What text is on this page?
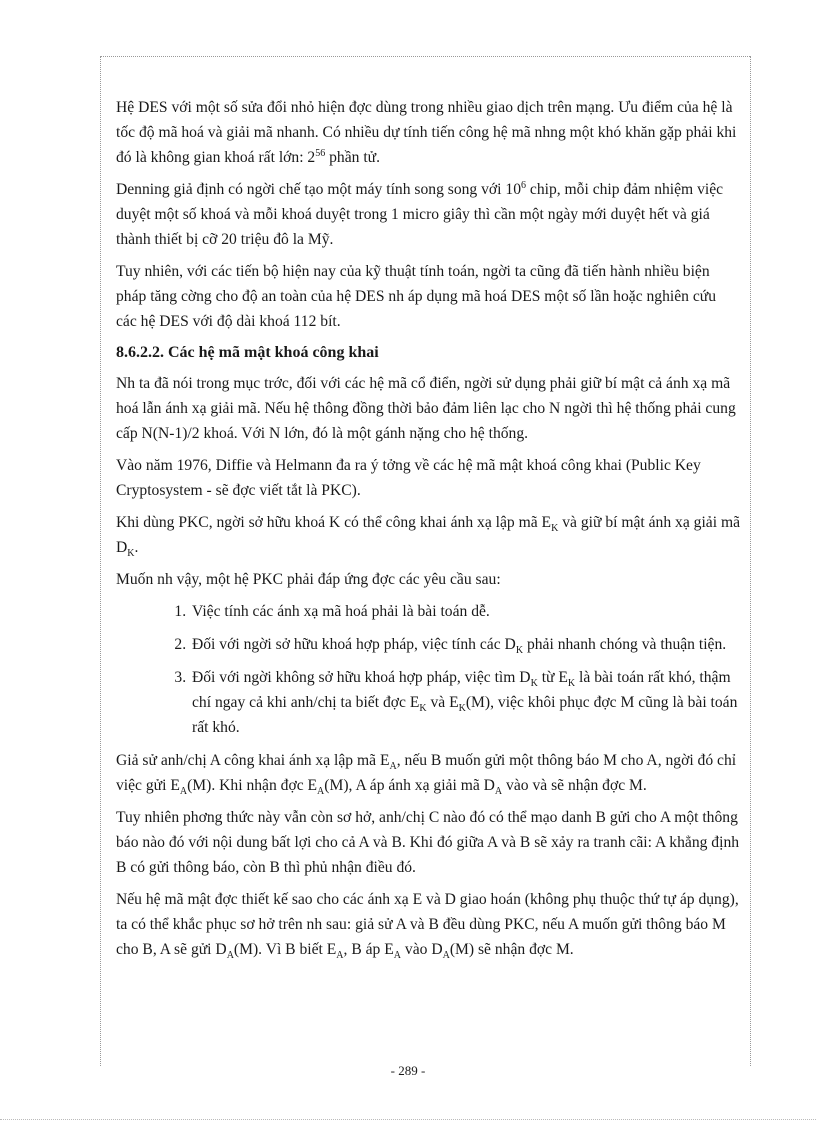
Hệ DES với một số sửa đổi nhỏ hiện đợc dùng trong nhiều giao dịch trên mạng. Ưu điểm của hệ là tốc độ mã hoá và giải mã nhanh. Có nhiều dự tính tiến công hệ mã nhng một khó khăn gặp phải khi đó là không gian khoá rất lớn: $2^{56}$ phần tử.

Denning giả định có ngời chế tạo một máy tính song song với $10^6$ chip, mỗi chip đảm nhiệm việc duyệt một số khoá và mỗi khoá duyệt trong 1 micro giây thì cần một ngày mới duyệt hết và giá thành thiết bị cỡ 20 triệu đô la Mỹ.

Tuy nhiên, với các tiến bộ hiện nay của kỹ thuật tính toán, ngời ta cũng đã tiến hành nhiều biện pháp tăng cờng cho độ an toàn của hệ DES nh áp dụng mã hoá DES một số lần hoặc nghiên cứu các hệ DES với độ dài khoá 112 bít.

8.6.2.2. Các hệ mã mật khoá công khai

Nh ta đã nói trong mục trớc, đối với các hệ mã cổ điển, ngời sử dụng phải giữ bí mật cả ánh xạ mã hoá lẫn ánh xạ giải mã. Nếu hệ thông đồng thời bảo đảm liên lạc cho N ngời thì hệ thống phải cung cấp N(N-1)/2 khoá. Với N lớn, đó là một gánh nặng cho hệ thống.

Vào năm 1976, Diffie và Helmann đa ra ý tởng về các hệ mã mật khoá công khai (Public Key Cryptosystem - sẽ đợc viết tắt là PKC).

Khi dùng PKC, ngời sở hữu khoá K có thể công khai ánh xạ lập mã $E_K$ và giữ bí mật ánh xạ giải mã $D_K$.

Muốn nh vậy, một hệ PKC phải đáp ứng đợc các yêu cầu sau:

1. Việc tính các ánh xạ mã hoá phải là bài toán dễ.
2. Đối với ngời sở hữu khoá hợp pháp, việc tính các $D_K$ phải nhanh chóng và thuận tiện.
3. Đối với ngời không sở hữu khoá hợp pháp, việc tìm $D_K$ từ $E_K$ là bài toán rất khó, thậm chí ngay cả khi anh/chị ta biết đợc $E_K$ và $E_K(M)$, việc khôi phục đợc M cũng là bài toán rất khó.

Giả sử anh/chị A công khai ánh xạ lập mã $E_A$, nếu B muốn gửi một thông báo M cho A, ngời đó chỉ việc gửi $E_A(M)$. Khi nhận đợc $E_A(M)$, A áp ánh xạ giải mã $D_A$ vào và sẽ nhận đợc M.

Tuy nhiên phơng thức này vẫn còn sơ hở, anh/chị C nào đó có thể mạo danh B gửi cho A một thông báo nào đó với nội dung bất lợi cho cả A và B. Khi đó giữa A và B sẽ xảy ra tranh cãi: A khẳng định B có gửi thông báo, còn B thì phủ nhận điều đó.

Nếu hệ mã mật đợc thiết kế sao cho các ánh xạ E và D giao hoán (không phụ thuộc thứ tự áp dụng), ta có thể khắc phục sơ hở trên nh sau: giả sử A và B đều dùng PKC, nếu A muốn gửi thông báo M cho B, A sẽ gửi $D_A(M)$. Vì B biết $E_A$, B áp $E_A$ vào $D_A(M)$ sẽ nhận đợc M.

- 289 -
